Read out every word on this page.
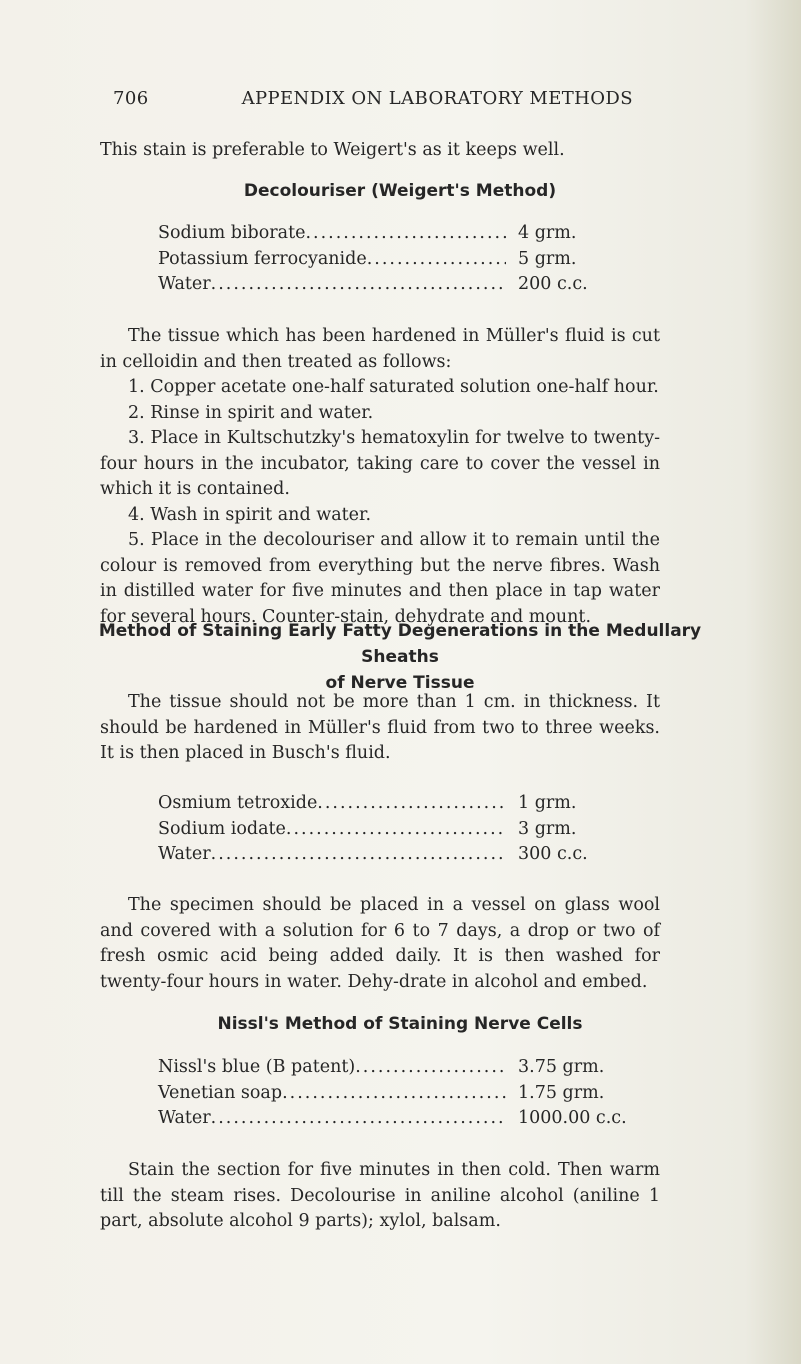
706	APPENDIX ON LABORATORY METHODS
This stain is preferable to Weigert's as it keeps well.
Decolouriser (Weigert's Method)
Sodium biborate .....	4 grm.
Potassium ferrocyanide .....	5 grm.
Water .....	200 c.c.

The tissue which has been hardened in Müller's fluid is cut in celloidin and then treated as follows:

1. Copper acetate one-half saturated solution one-half hour.

2. Rinse in spirit and water.

3. Place in Kultschutzky's hematoxylin for twelve to twenty-four hours in the incubator, taking care to cover the vessel in which it is contained.

4. Wash in spirit and water.

5. Place in the decolouriser and allow it to remain until the colour is removed from everything but the nerve fibres. Wash in distilled water for five minutes and then place in tap water for several hours. Counter-stain, dehydrate and mount.

Method of Staining Early Fatty Degenerations in the Medullary Sheaths
of Nerve Tissue

The tissue should not be more than 1 cm. in thickness. It should be hardened in Müller's fluid from two to three weeks. It is then placed in Busch's fluid.

Osmium tetroxide .....	1 grm.
Sodium iodate .....	3 grm.
Water .....	300 c.c.

The specimen should be placed in a vessel on glass wool and covered with a solution for 6 to 7 days, a drop or two of fresh osmic acid being added daily. It is then washed for twenty-four hours in water. Dehy-drate in alcohol and embed.

Nissl's Method of Staining Nerve Cells
Nissl's blue (B patent) .....	3.75 grm.
Venetian soap .....	1.75 grm.
Water .....	1000.00 c.c.

Stain the section for five minutes in then cold. Then warm till the steam rises. Decolourise in aniline alcohol (aniline 1 part, absolute alcohol 9 parts); xylol, balsam.
